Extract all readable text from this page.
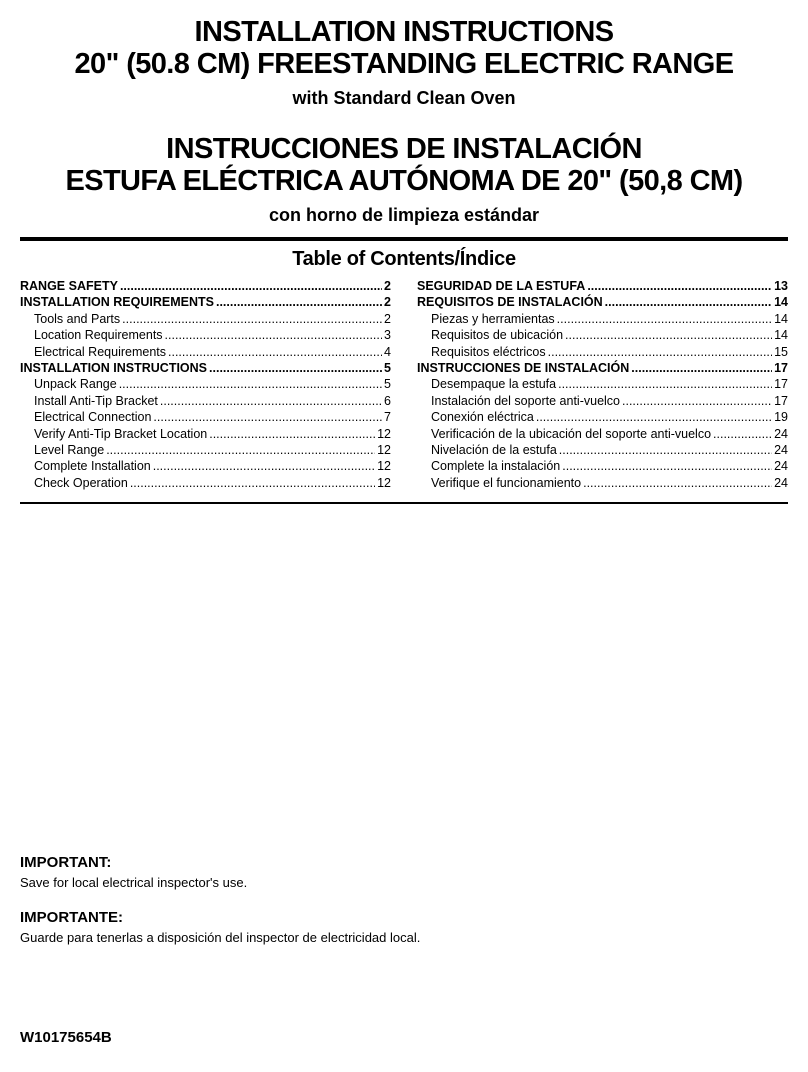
INSTALLATION INSTRUCTIONS
20" (50.8 CM) FREESTANDING ELECTRIC RANGE
with Standard Clean Oven
INSTRUCCIONES DE INSTALACIÓN
ESTUFA ELÉCTRICA AUTÓNOMA DE 20" (50,8 CM)
con horno de limpieza estándar
Table of Contents/Índice
RANGE SAFETY .....	2
INSTALLATION REQUIREMENTS .....	2
Tools and Parts .....	2
Location Requirements .....	3
Electrical Requirements .....	4
INSTALLATION INSTRUCTIONS .....	5
Unpack Range .....	5
Install Anti-Tip Bracket .....	6
Electrical Connection .....	7
Verify Anti-Tip Bracket Location .....	12
Level Range .....	12
Complete Installation .....	12
Check Operation .....	12
SEGURIDAD DE LA ESTUFA .....	13
REQUISITOS DE INSTALACIÓN .....	14
Piezas y herramientas .....	14
Requisitos de ubicación .....	14
Requisitos eléctricos .....	15
INSTRUCCIONES DE INSTALACIÓN .....	17
Desempaque la estufa .....	17
Instalación del soporte anti-vuelco .....	17
Conexión eléctrica .....	19
Verificación de la ubicación del soporte anti-vuelco .....	24
Nivelación de la estufa .....	24
Complete la instalación .....	24
Verifique el funcionamiento .....	24
IMPORTANT:
Save for local electrical inspector's use.
IMPORTANTE:
Guarde para tenerlas a disposición del inspector de electricidad local.
W10175654B
